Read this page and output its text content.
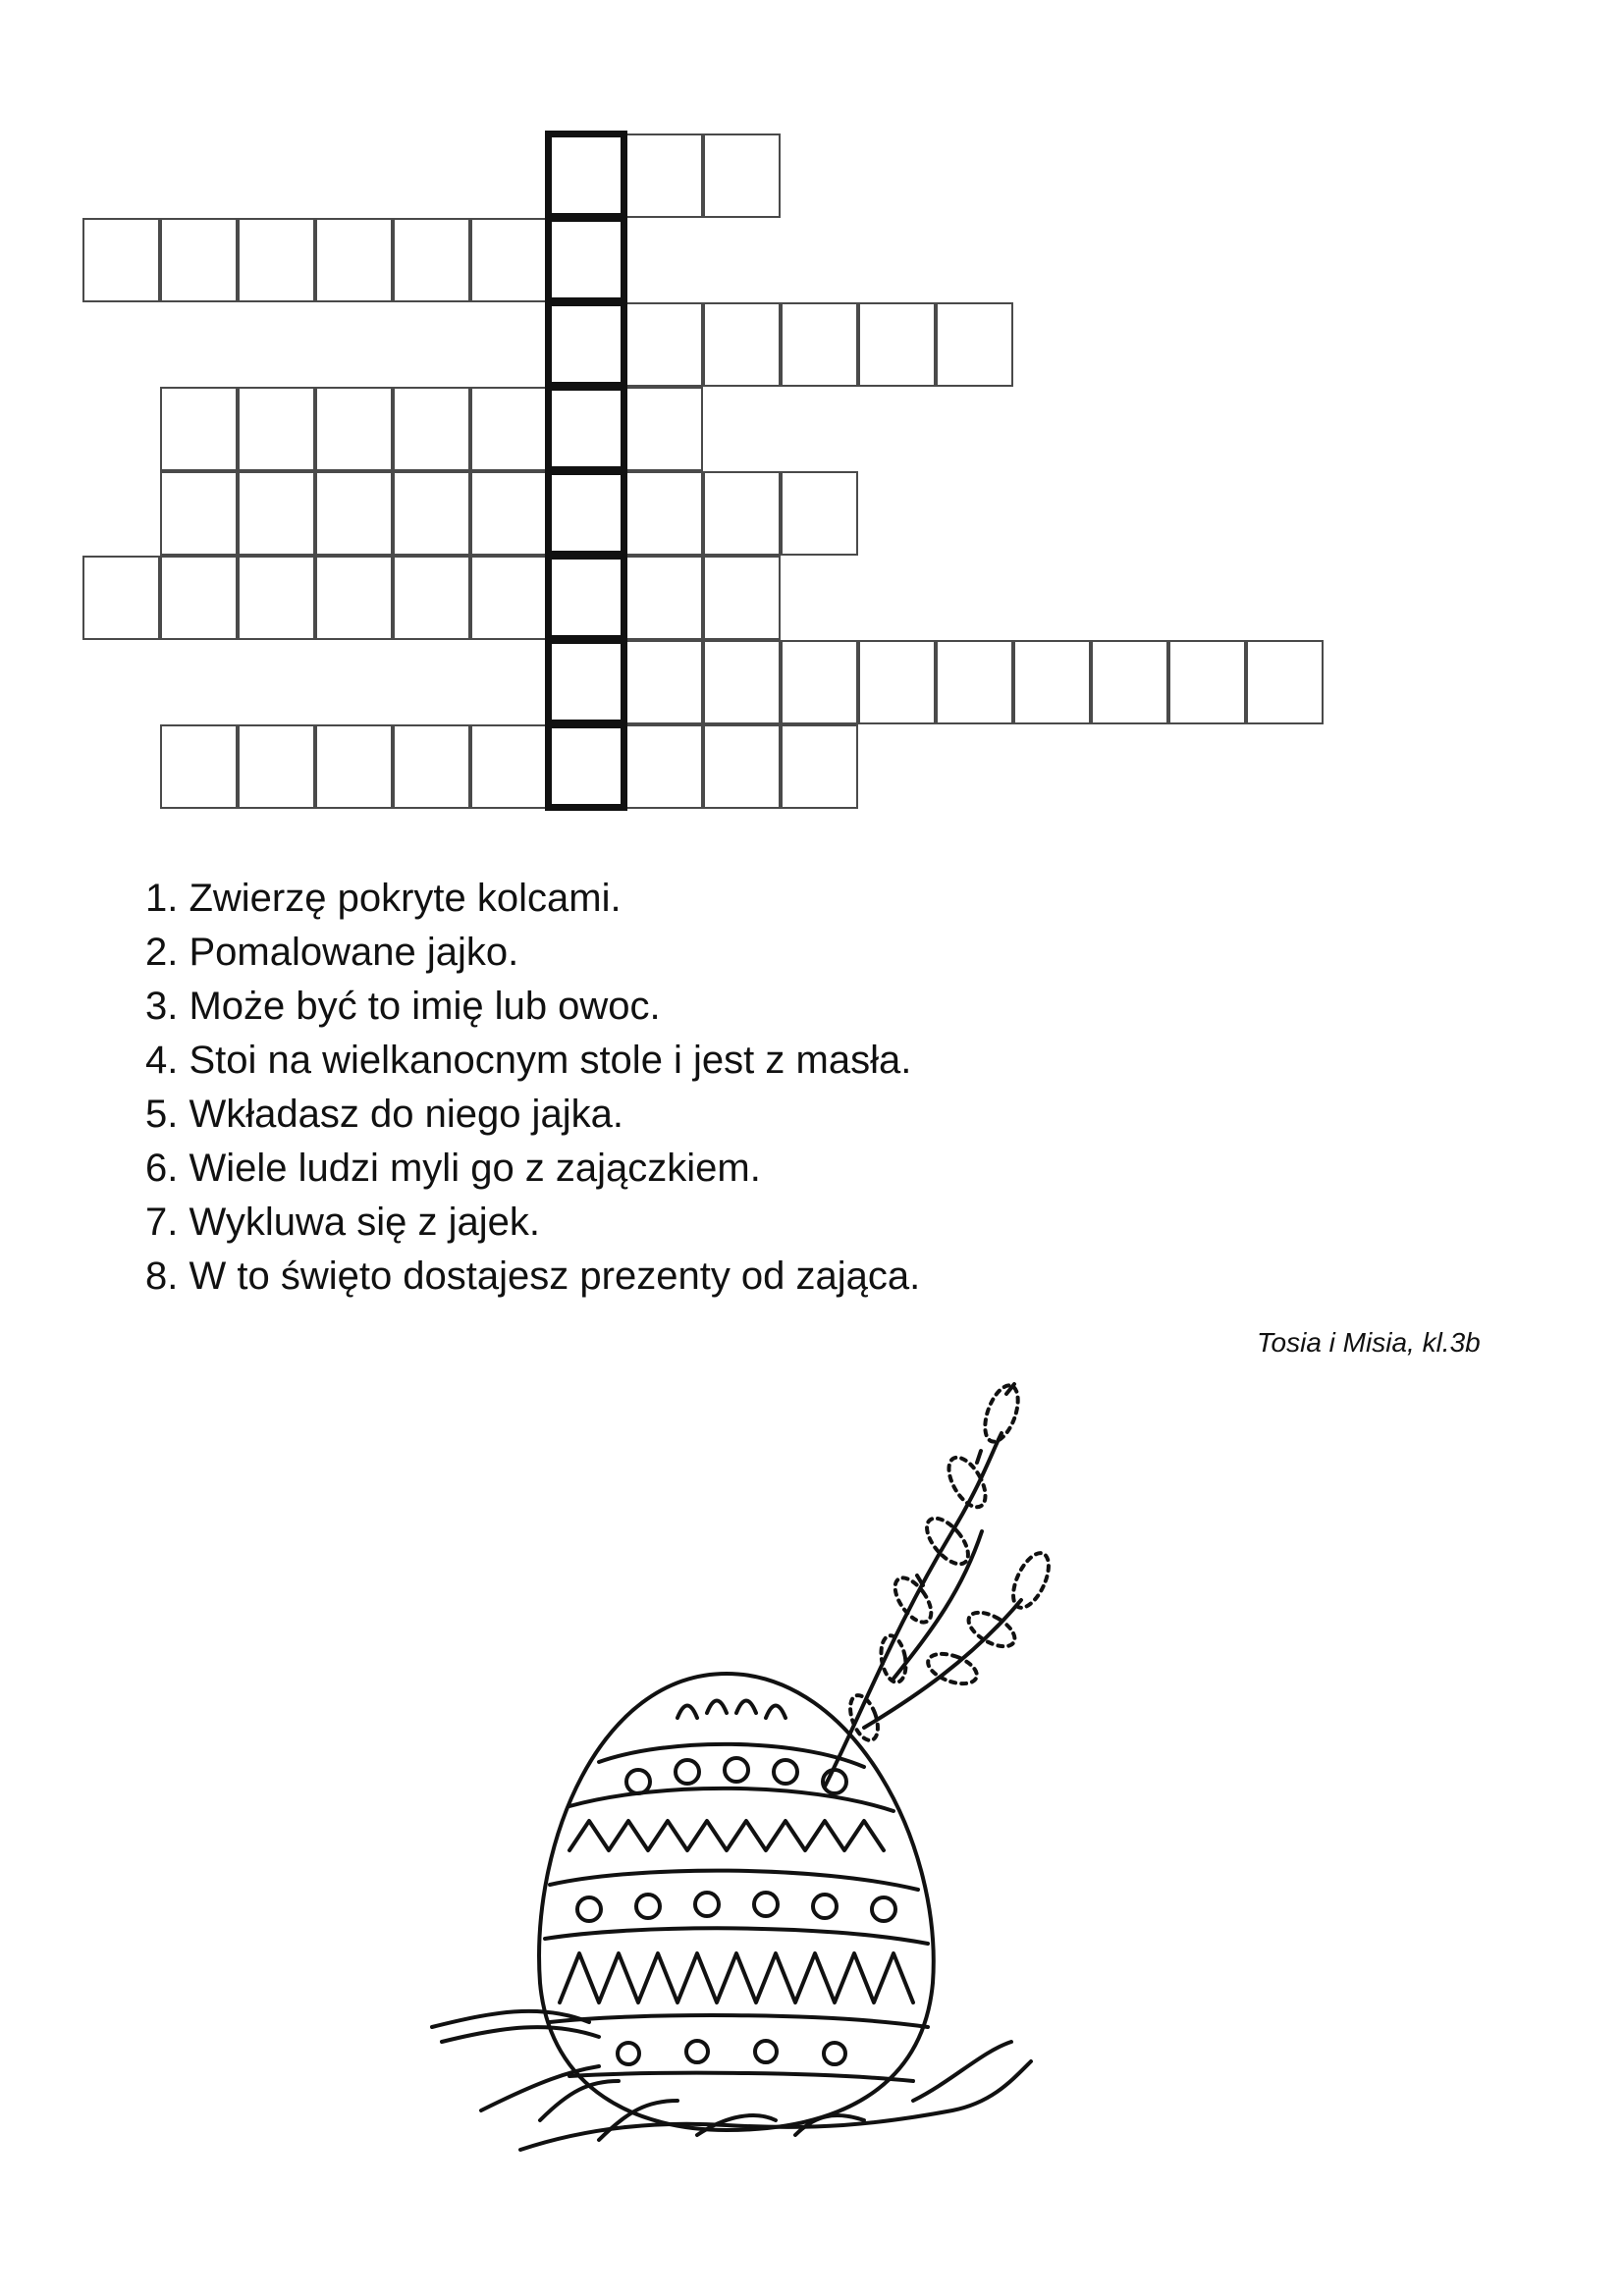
1. Zwierzę pokryte kolcami.
2. Pomalowane jajko.
3. Może być to imię lub owoc.
4. Stoi na wielkanocnym stole i jest z masła.
5. Wkładasz do niego jajka.
6. Wiele ludzi myli go z zajączkiem.
7. Wykluwa się z jajek.
8. W to święto dostajesz prezenty od zająca.
Tosia i Misia, kl.3b
